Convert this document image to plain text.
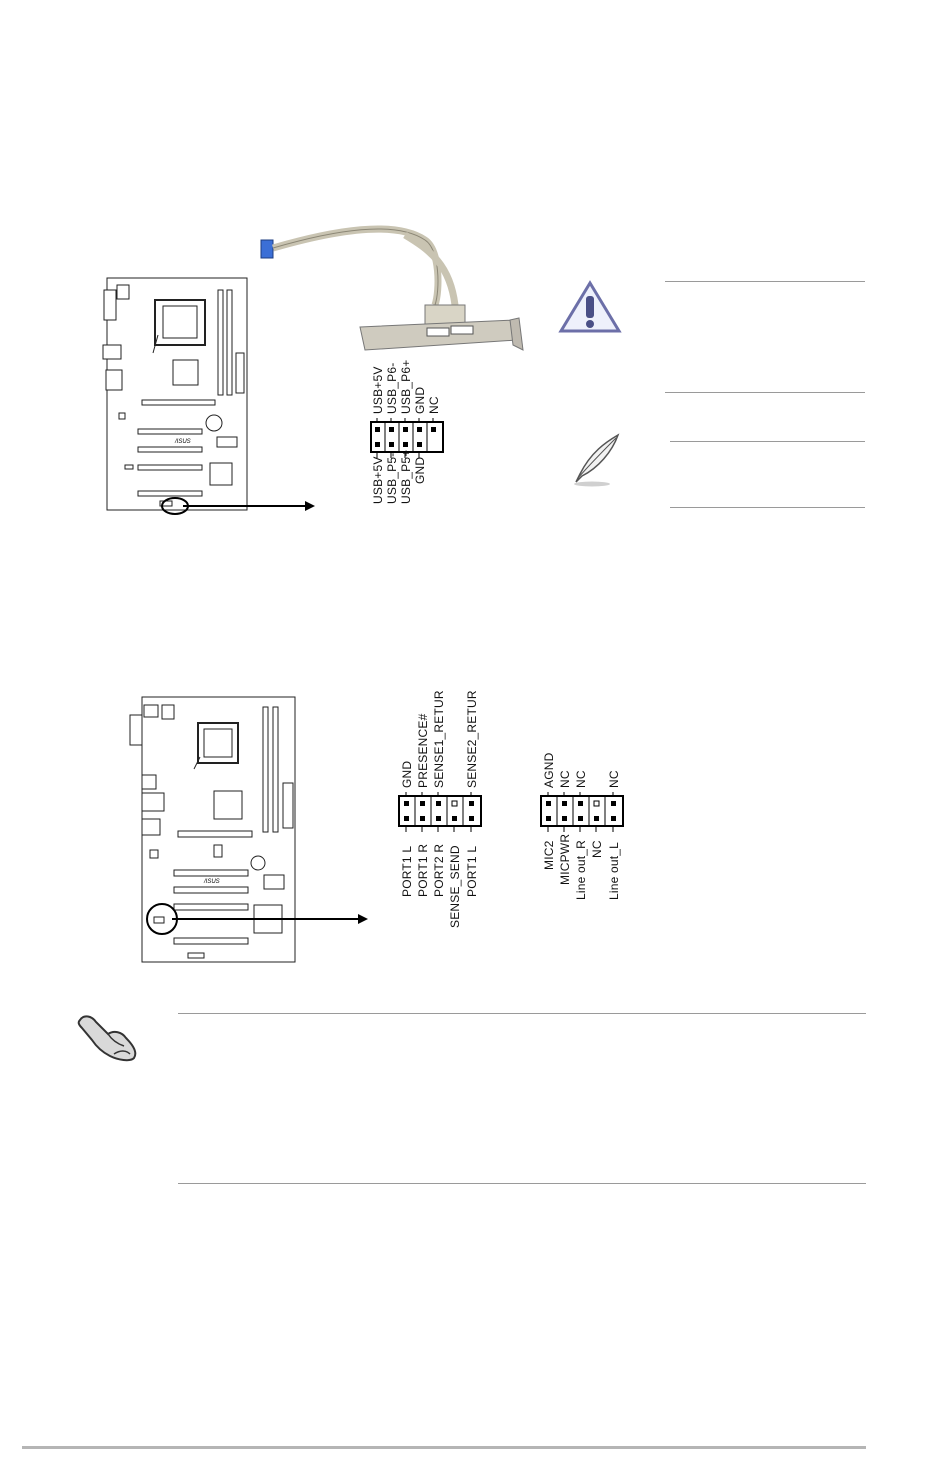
/ISUS
USB+5V USB_P6- USB_P6+ GND NC
USB+5V USB_P5- USB_P5+ GND
/ISUS
GND PRESENCE# SENSE1_RETUR SENSE2_RETUR
PORT1 L PORT1 R PORT2 R SENSE_SEND PORT1 L
AGND NC NC NC
MIC2 MICPWR Line out_R NC Line out_L
